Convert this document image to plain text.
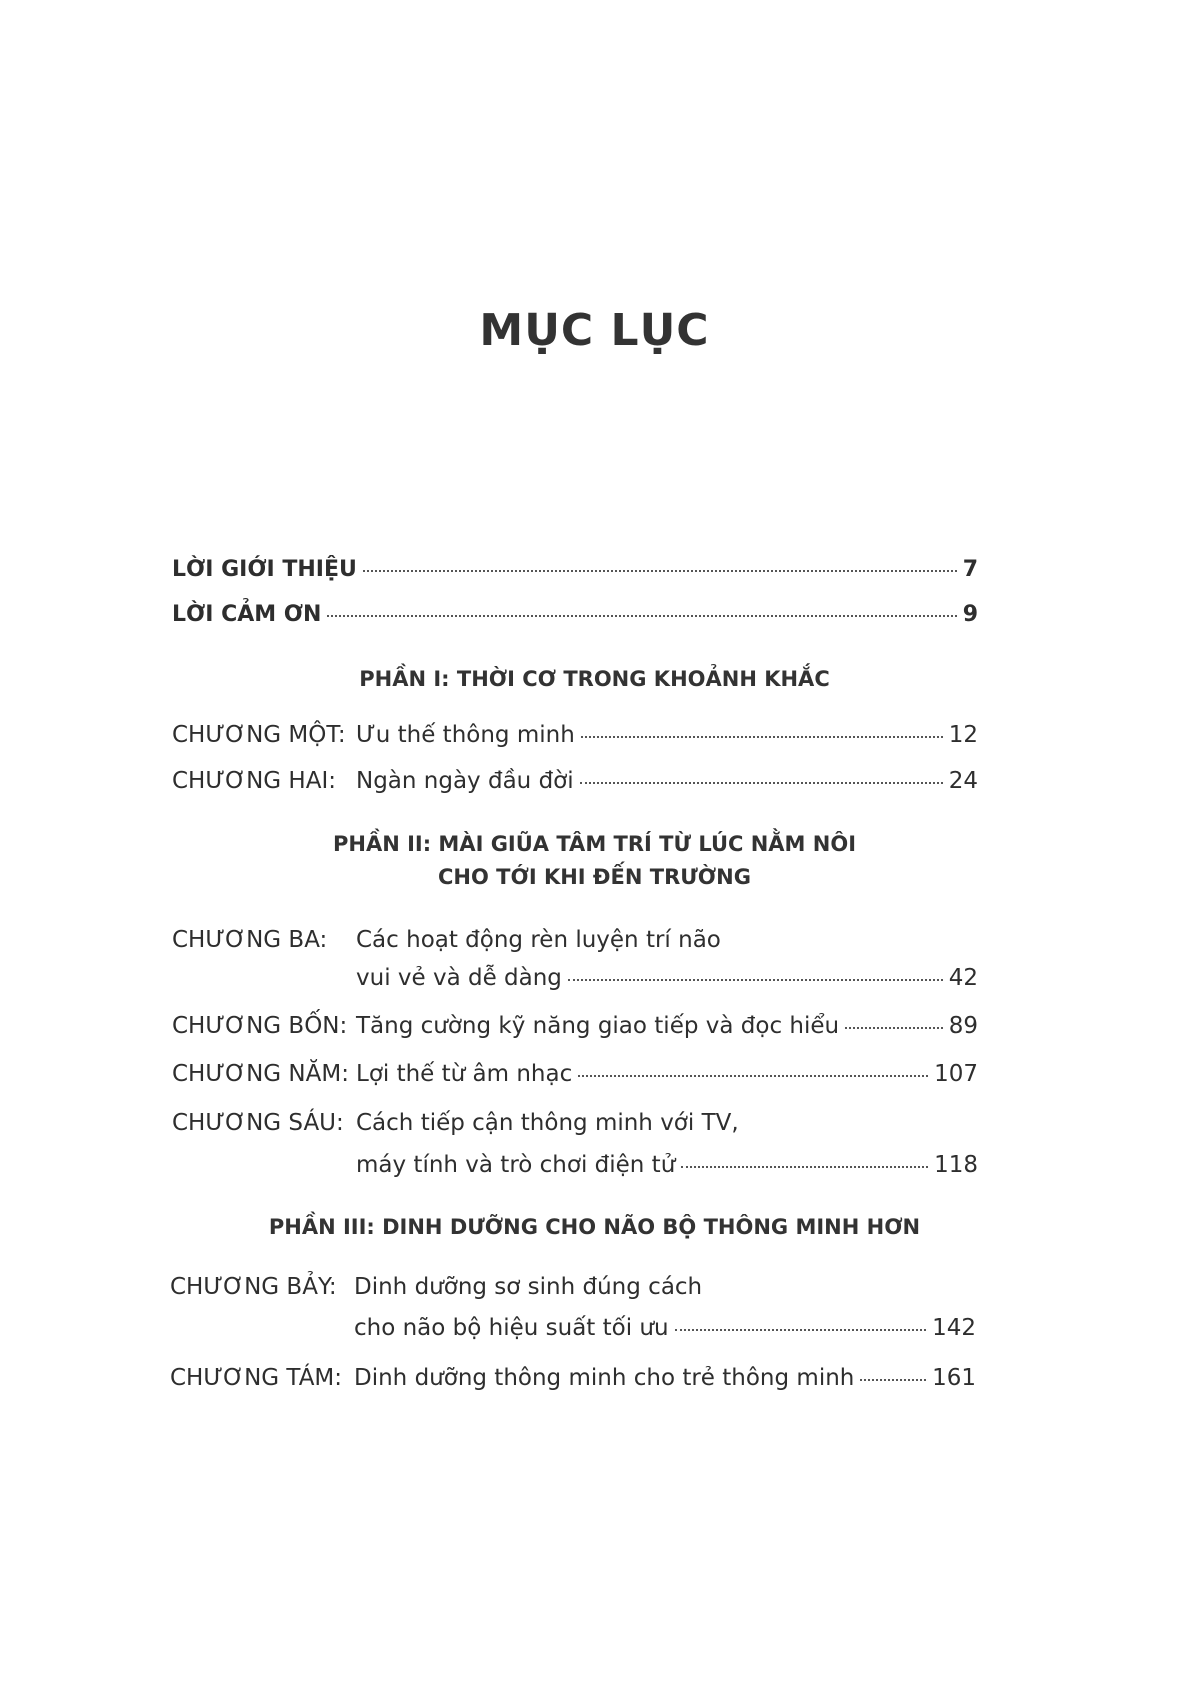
MỤC LỤC
LỜI GIỚI THIỆU	7
LỜI CẢM ƠN	9
PHẦN I: THỜI CƠ TRONG KHOẢNH KHẮC
CHƯƠNG MỘT: Ưu thế thông minh	12
CHƯƠNG HAI: Ngàn ngày đầu đời	24
PHẦN II: MÀI GIŨA TÂM TRÍ TỪ LÚC NẰM NÔI
CHO TỚI KHI ĐẾN TRƯỜNG
CHƯƠNG BA: Các hoạt động rèn luyện trí não
vui vẻ và dễ dàng	42
CHƯƠNG BỐN: Tăng cường kỹ năng giao tiếp và đọc hiểu	89
CHƯƠNG NĂM: Lợi thế từ âm nhạc	107
CHƯƠNG SÁU: Cách tiếp cận thông minh với TV,
máy tính và trò chơi điện tử	118
PHẦN III: DINH DƯỠNG CHO NÃO BỘ THÔNG MINH HƠN
CHƯƠNG BẢY: Dinh dưỡng sơ sinh đúng cách
cho não bộ hiệu suất tối ưu	142
CHƯƠNG TÁM: Dinh dưỡng thông minh cho trẻ thông minh	161
